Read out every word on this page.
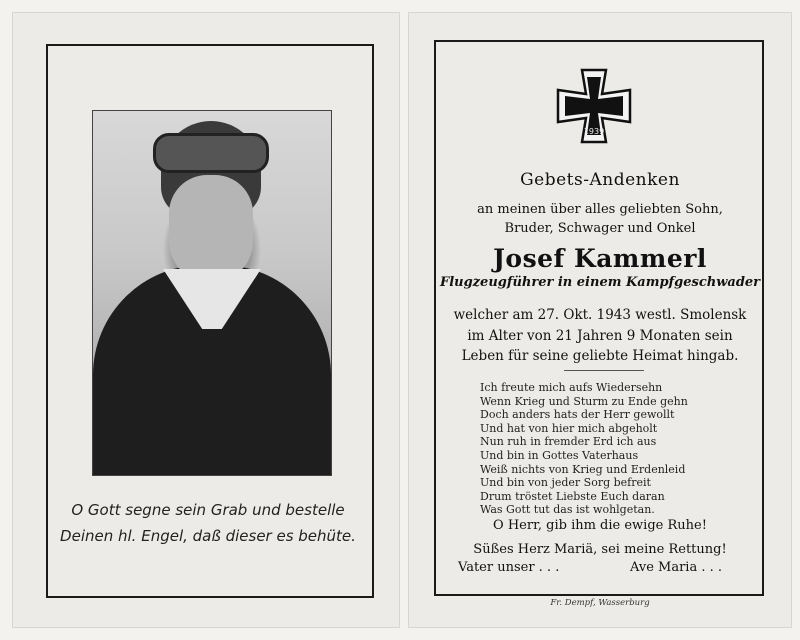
O Gott segne sein Grab und bestelle
Deinen hl. Engel, daß dieser es behüte.
1939
Gebets-Andenken
an meinen über alles geliebten Sohn,
Bruder, Schwager und Onkel
Josef Kammerl
Flugzeugführer in einem Kampfgeschwader
welcher am 27. Okt. 1943 westl. Smolensk
im Alter von 21 Jahren 9 Monaten sein
Leben für seine geliebte Heimat hingab.
Ich freute mich aufs Wiedersehn
Wenn Krieg und Sturm zu Ende gehn
Doch anders hats der Herr gewollt
Und hat von hier mich abgeholt
Nun ruh in fremder Erd ich aus
Und bin in Gottes Vaterhaus
Weiß nichts von Krieg und Erdenleid
Und bin von jeder Sorg befreit
Drum tröstet Liebste Euch daran
Was Gott tut das ist wohlgetan.
O Herr, gib ihm die ewige Ruhe!
Süßes Herz Mariä, sei meine Rettung!
Vater unser . . .	Ave Maria . . .
Fr. Dempf, Wasserburg
